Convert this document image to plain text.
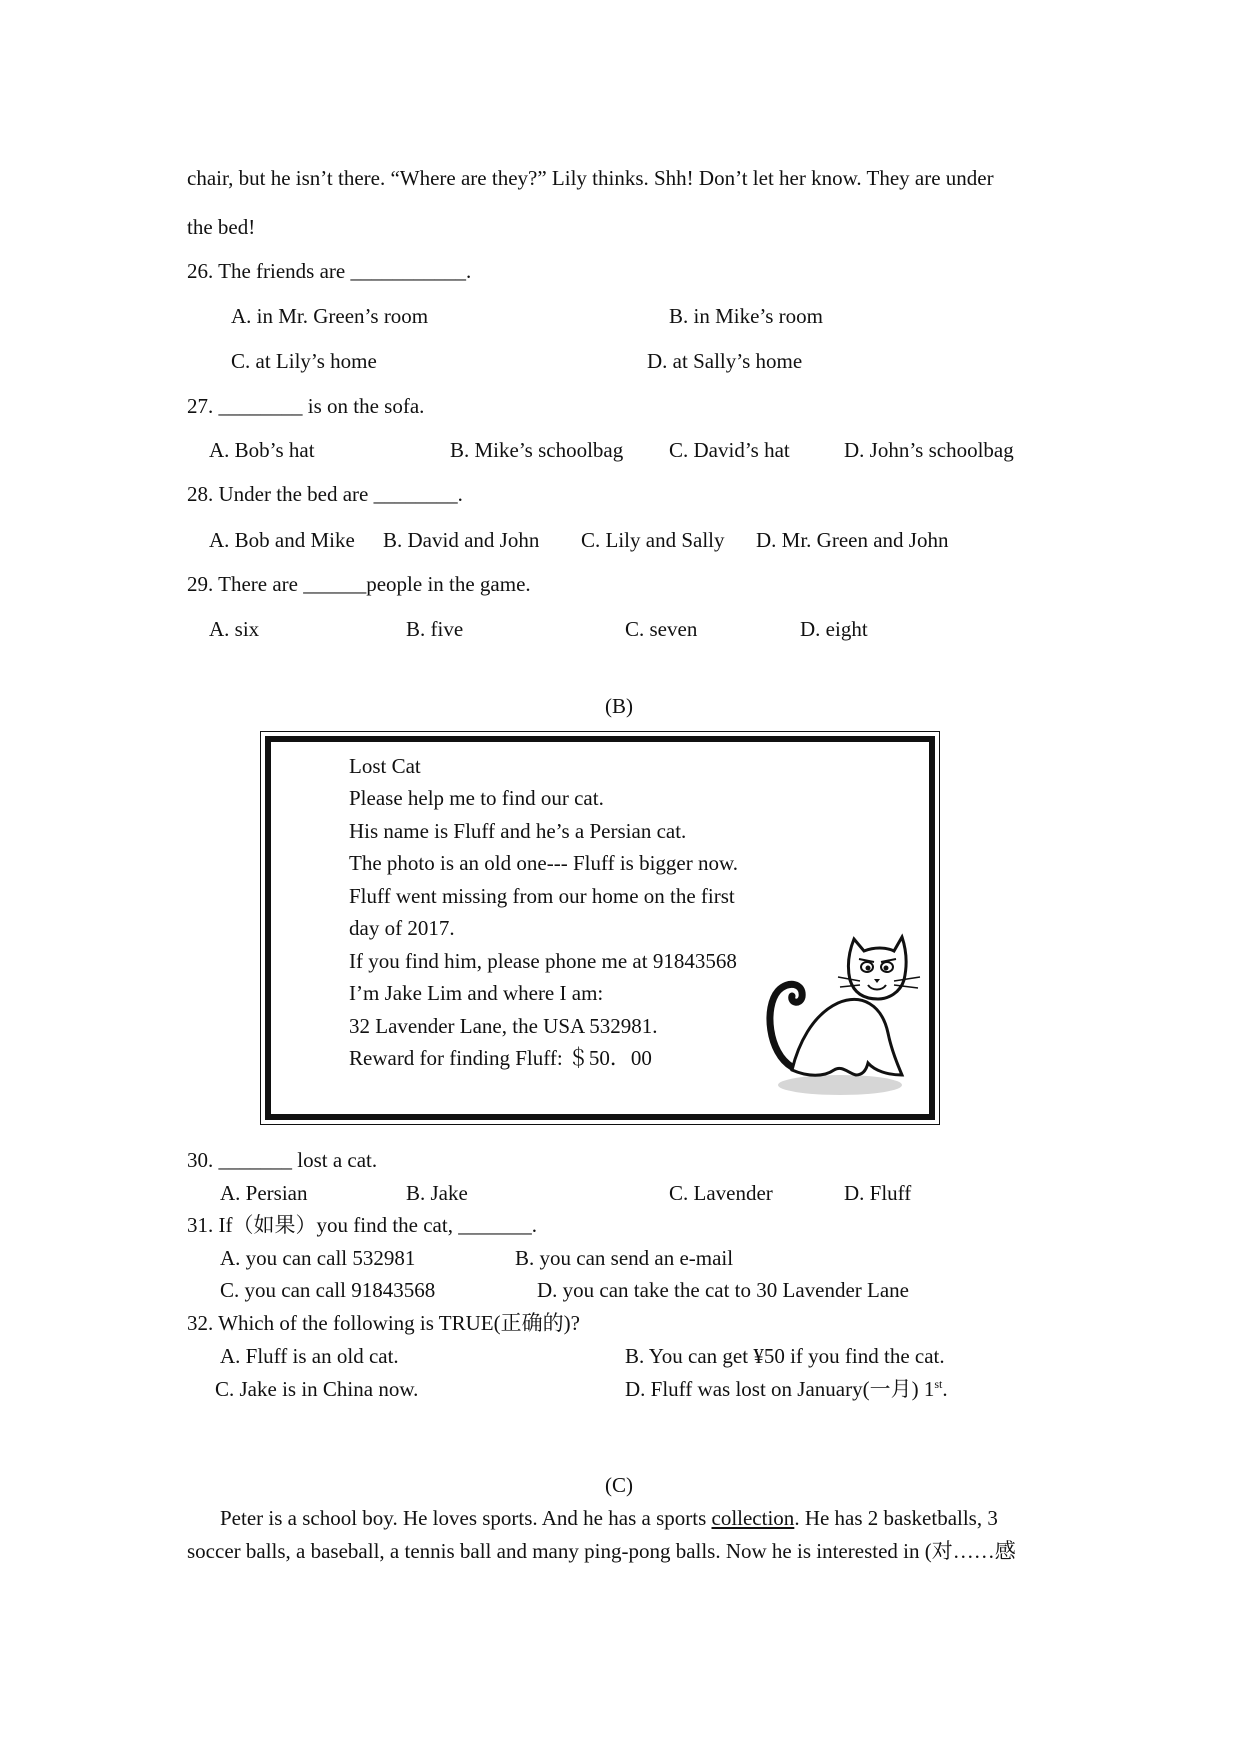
chair, but he isn’t there. “Where are they?” Lily thinks. Shh! Don’t let her know. They are under
the bed!
26. The friends are ___________.
A. in Mr. Green’s room	B. in Mike’s room
C. at Lily’s home	D. at Sally’s home
27. ________ is on the sofa.
A. Bob’s hat	B. Mike’s schoolbag C. David’s hat	D. John’s schoolbag
28. Under the bed are ________.
A. Bob and Mike B. David and John C. Lily and Sally D. Mr. Green and John
29. There are ______people in the game.
A. six	B. five	C. seven	D. eight
(B)
Lost Cat
Please help me to find our cat.
His name is Fluff and he’s a Persian cat.
The photo is an old one--- Fluff is bigger now.
Fluff went missing from our home on the first
day of 2017.
If you find him, please phone me at 91843568
I’m Jake Lim and where I am:
32 Lavender Lane, the USA 532981.
Reward for finding Fluff: ＄50．00
30. _______ lost a cat.
A. Persian	B. Jake	C. Lavender	D. Fluff
31. If（如果）you find the cat, _______.
A. you can call 532981	B. you can send an e-mail
C. you can call 91843568	D. you can take the cat to 30 Lavender Lane
32. Which of the following is TRUE(正确的)?
A. Fluff is an old cat.	B. You can get ¥50 if you find the cat.
C. Jake is in China now.	D. Fluff was lost on January(一月) 1st.
(C)
Peter is a school boy. He loves sports. And he has a sports collection. He has 2 basketballs, 3
soccer balls, a baseball, a tennis ball and many ping-pong balls. Now he is interested in (对……感
